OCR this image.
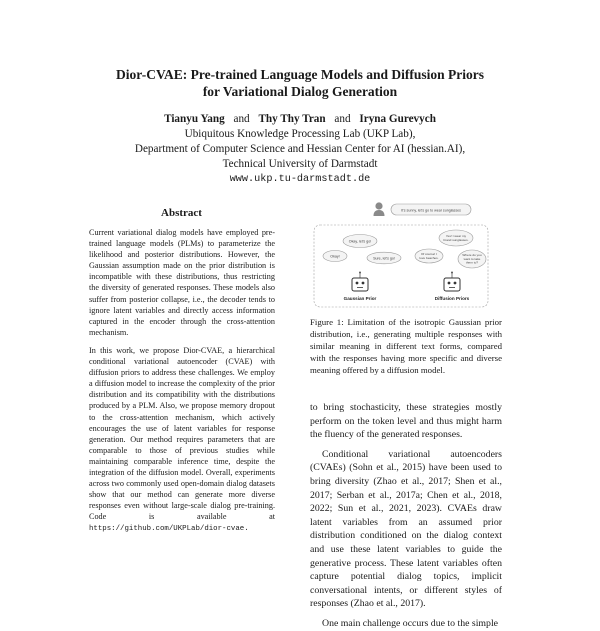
Dior-CVAE: Pre-trained Language Models and Diffusion Priors
for Variational Dialog Generation
Tianyu Yang and Thy Thy Tran and Iryna Gurevych
Ubiquitous Knowledge Processing Lab (UKP Lab),
Department of Computer Science and Hessian Center for AI (hessian.AI),
Technical University of Darmstadt
www.ukp.tu-darmstadt.de
Abstract

Current variational dialog models have employed pre-trained language models (PLMs) to parameterize the likelihood and posterior distributions. However, the Gaussian assumption made on the prior distribution is incompatible with these distributions, thus restricting the diversity of generated responses. These models also suffer from posterior collapse, i.e., the decoder tends to ignore latent variables and directly access information captured in the encoder through the cross-attention mechanism.

In this work, we propose Dior-CVAE, a hierarchical conditional variational autoencoder (CVAE) with diffusion priors to address these challenges. We employ a diffusion model to increase the complexity of the prior distribution and its compatibility with the distributions produced by a PLM. Also, we propose memory dropout to the cross-attention mechanism, which actively encourages the use of latent variables for response generation. Our method requires parameters that are comparable to those of previous studies while maintaining comparable inference time, despite the integration of the diffusion model. Overall, experiments across two commonly used open-domain dialog datasets show that our method can generate more diverse responses even without large-scale dialog pre-training. Code is available at https://github.com/UKPLab/dior-cvae.

It's sunny, let's go to wear sunglasses
Okay, let's go!
Okay!	Sure, let's go!
Gaussian Prior
Yes! I wear my brand sunglasses.
Of course! I love beaches.
Where do you want to take them to?
Diffusion Priors
Figure 1: Limitation of the isotropic Gaussian prior distribution, i.e., generating multiple responses with similar meaning in different text forms, compared with the responses having more specific and diverse meaning offered by a diffusion model.

to bring stochasticity, these strategies mostly perform on the token level and thus might harm the fluency of the generated responses.

Conditional variational autoencoders (CVAEs) (Sohn et al., 2015) have been used to bring diversity (Zhao et al., 2017; Shen et al., 2017; Serban et al., 2017a; Chen et al., 2018, 2022; Sun et al., 2021, 2023). CVAEs draw latent variables from an assumed prior distribution conditioned on the dialog context and use these latent variables to guide the generative process. These latent variables often capture potential dialog topics, implicit conversational intents, or different styles of responses (Zhao et al., 2017).

One main challenge occurs due to the simple
